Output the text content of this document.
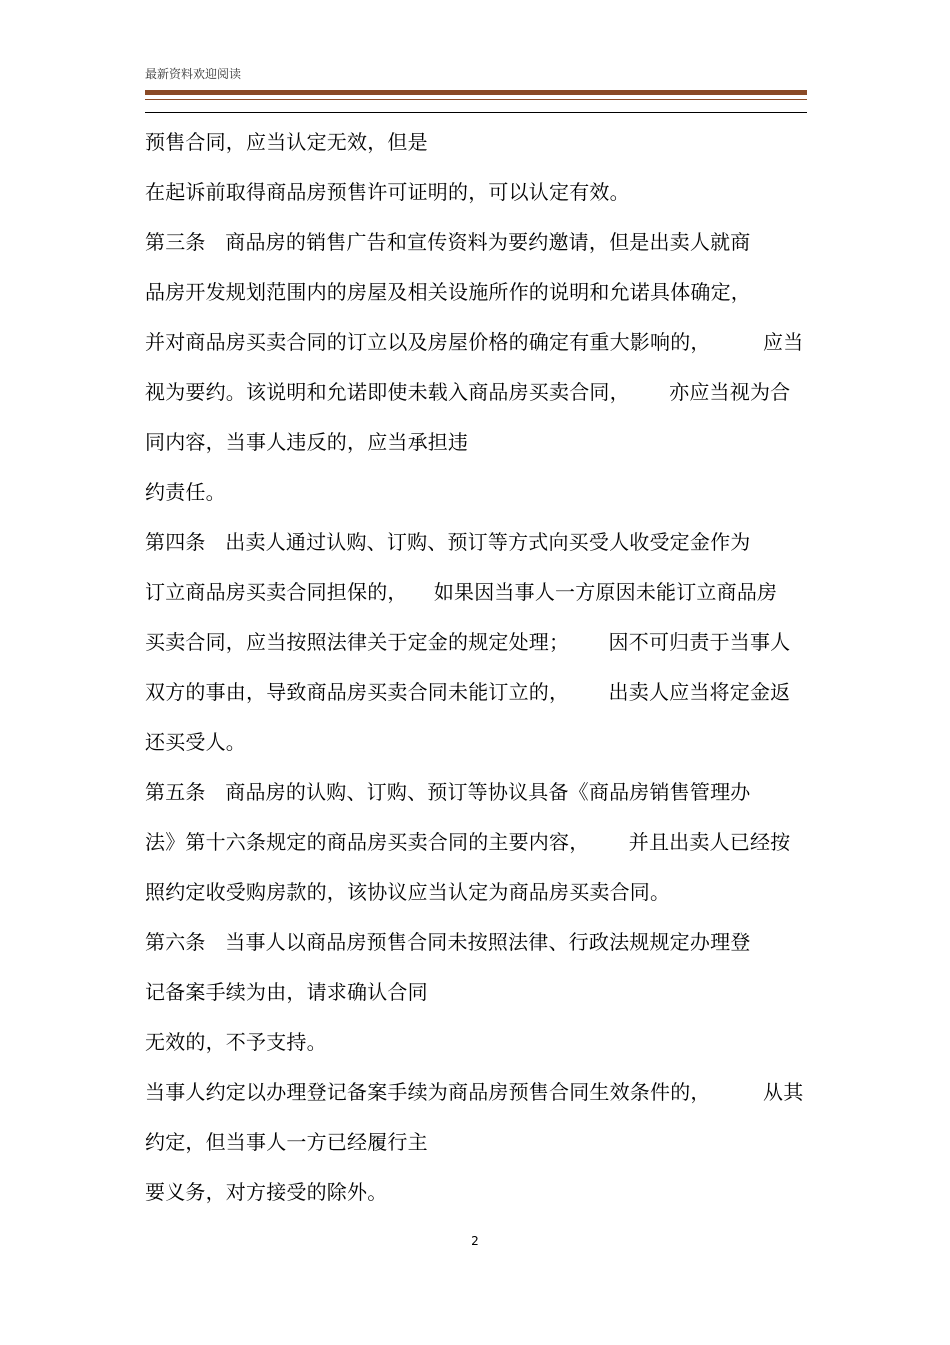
最新资料欢迎阅读
预售合同，应当认定无效，但是
在起诉前取得商品房预售许可证明的，可以认定有效。
第三条   商品房的销售广告和宣传资料为要约邀请，但是出卖人就商
品房开发规划范围内的房屋及相关设施所作的说明和允诺具体确定，
并对商品房买卖合同的订立以及房屋价格的确定有重大影响的，        应当
视为要约。该说明和允诺即使未载入商品房买卖合同，      亦应当视为合
同内容，当事人违反的，应当承担违
约责任。
第四条   出卖人通过认购、订购、预订等方式向买受人收受定金作为
订立商品房买卖合同担保的，    如果因当事人一方原因未能订立商品房
买卖合同，应当按照法律关于定金的规定处理；      因不可归责于当事人
双方的事由，导致商品房买卖合同未能订立的，      出卖人应当将定金返
还买受人。
第五条   商品房的认购、订购、预订等协议具备《商品房销售管理办
法》第十六条规定的商品房买卖合同的主要内容，      并且出卖人已经按
照约定收受购房款的，该协议应当认定为商品房买卖合同。
第六条   当事人以商品房预售合同未按照法律、行政法规规定办理登
记备案手续为由，请求确认合同
无效的，不予支持。
当事人约定以办理登记备案手续为商品房预售合同生效条件的，        从其
约定，但当事人一方已经履行主
要义务，对方接受的除外。
2
